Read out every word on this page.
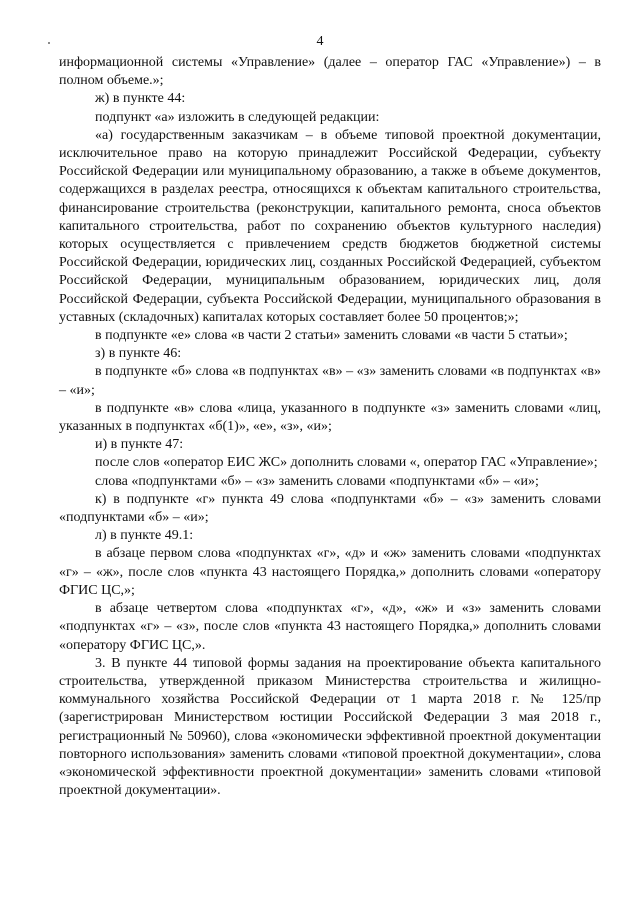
4

информационной системы «Управление» (далее – оператор ГАС «Управление») – в полном объеме.»;

ж) в пункте 44:

подпункт «а» изложить в следующей редакции:

«а) государственным заказчикам – в объеме типовой проектной документации, исключительное право на которую принадлежит Российской Федерации, субъекту Российской Федерации или муниципальному образованию, а также в объеме документов, содержащихся в разделах реестра, относящихся к объектам капитального строительства, финансирование строительства (реконструкции, капитального ремонта, сноса объектов капитального строительства, работ по сохранению объектов культурного наследия) которых осуществляется с привлечением средств бюджетов бюджетной системы Российской Федерации, юридических лиц, созданных Российской Федерацией, субъектом Российской Федерации, муниципальным образованием, юридических лиц, доля Российской Федерации, субъекта Российской Федерации, муниципального образования в уставных (складочных) капиталах которых составляет более 50 процентов;»;

в подпункте «е» слова «в части 2 статьи» заменить словами «в части 5 статьи»;

з) в пункте 46:

в подпункте «б» слова «в подпунктах «в» – «з» заменить словами «в подпунктах «в» – «и»;

в подпункте «в» слова «лица, указанного в подпункте «з» заменить словами «лиц, указанных в подпунктах «б(1)», «е», «з», «и»;

и) в пункте 47:

после слов «оператор ЕИС ЖС» дополнить словами «, оператор ГАС «Управление»;

слова «подпунктами «б» – «з» заменить словами «подпунктами «б» – «и»;

к) в подпункте «г» пункта 49 слова «подпунктами «б» – «з» заменить словами «подпунктами «б» – «и»;

л) в пункте 49.1:

в абзаце первом слова «подпунктах «г», «д» и «ж» заменить словами «подпунктах «г» – «ж», после слов «пункта 43 настоящего Порядка,» дополнить словами «оператору ФГИС ЦС,»;

в абзаце четвертом слова «подпунктах «г», «д», «ж» и «з» заменить словами «подпунктах «г» – «з», после слов «пункта 43 настоящего Порядка,» дополнить словами «оператору ФГИС ЦС,».

3. В пункте 44 типовой формы задания на проектирование объекта капитального строительства, утвержденной приказом Министерства строительства и жилищно-коммунального хозяйства Российской Федерации от 1 марта 2018 г. № 125/пр (зарегистрирован Министерством юстиции Российской Федерации 3 мая 2018 г., регистрационный № 50960), слова «экономически эффективной проектной документации повторного использования» заменить словами «типовой проектной документации», слова «экономической эффективности проектной документации» заменить словами «типовой проектной документации».
